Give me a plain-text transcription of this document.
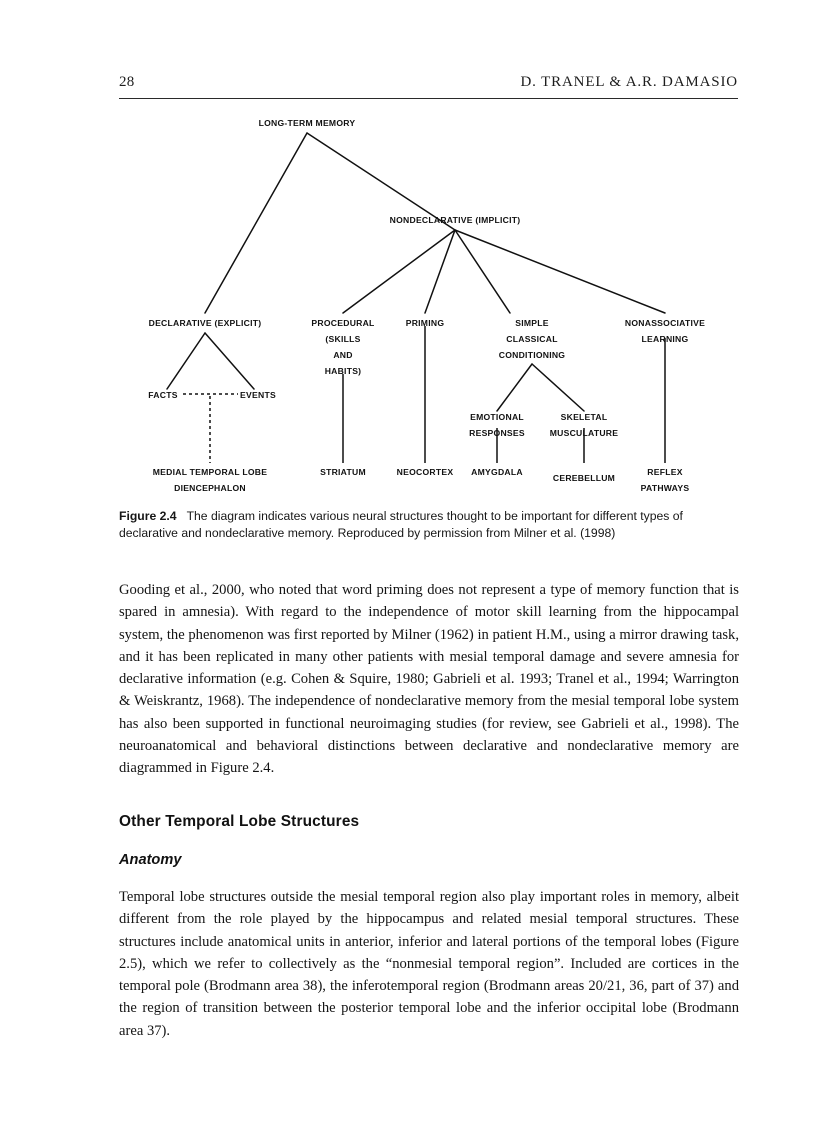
28	D. TRANEL & A.R. DAMASIO
LONG-TERM MEMORY
NONDECLARATIVE (IMPLICIT)
DECLARATIVE (EXPLICIT)	PROCEDURAL
(SKILLS
AND
HABITS)
PRIMING	SIMPLE
CLASSICAL
CONDITIONING
NONASSOCIATIVE
LEARNING
FACTS	EVENTS
EMOTIONAL
RESPONSES
SKELETAL
MUSCULATURE
MEDIAL TEMPORAL LOBE
DIENCEPHALON
STRIATUM	NEOCORTEX AMYGDALA
CEREBELLUM
REFLEX
PATHWAYS
Figure 2.4 The diagram indicates various neural structures thought to be important for different types of declarative and nondeclarative memory. Reproduced by permission from Milner et al. (1998)
Gooding et al., 2000, who noted that word priming does not represent a type of memory function that is spared in amnesia). With regard to the independence of motor skill learning from the hippocampal system, the phenomenon was first reported by Milner (1962) in patient H.M., using a mirror drawing task, and it has been replicated in many other patients with mesial temporal damage and severe amnesia for declarative information (e.g. Cohen & Squire, 1980; Gabrieli et al. 1993; Tranel et al., 1994; Warrington & Weiskrantz, 1968). The independence of nondeclarative memory from the mesial temporal lobe system has also been supported in functional neuroimaging studies (for review, see Gabrieli et al., 1998). The neuroanatomical and behavioral distinctions between declarative and nondeclarative memory are diagrammed in Figure 2.4.
Other Temporal Lobe Structures
Anatomy
Temporal lobe structures outside the mesial temporal region also play important roles in memory, albeit different from the role played by the hippocampus and related mesial temporal structures. These structures include anatomical units in anterior, inferior and lateral portions of the temporal lobes (Figure 2.5), which we refer to collectively as the “nonmesial temporal region”. Included are cortices in the temporal pole (Brodmann area 38), the inferotemporal region (Brodmann areas 20/21, 36, part of 37) and the region of transition between the posterior temporal lobe and the inferior occipital lobe (Brodmann area 37).
